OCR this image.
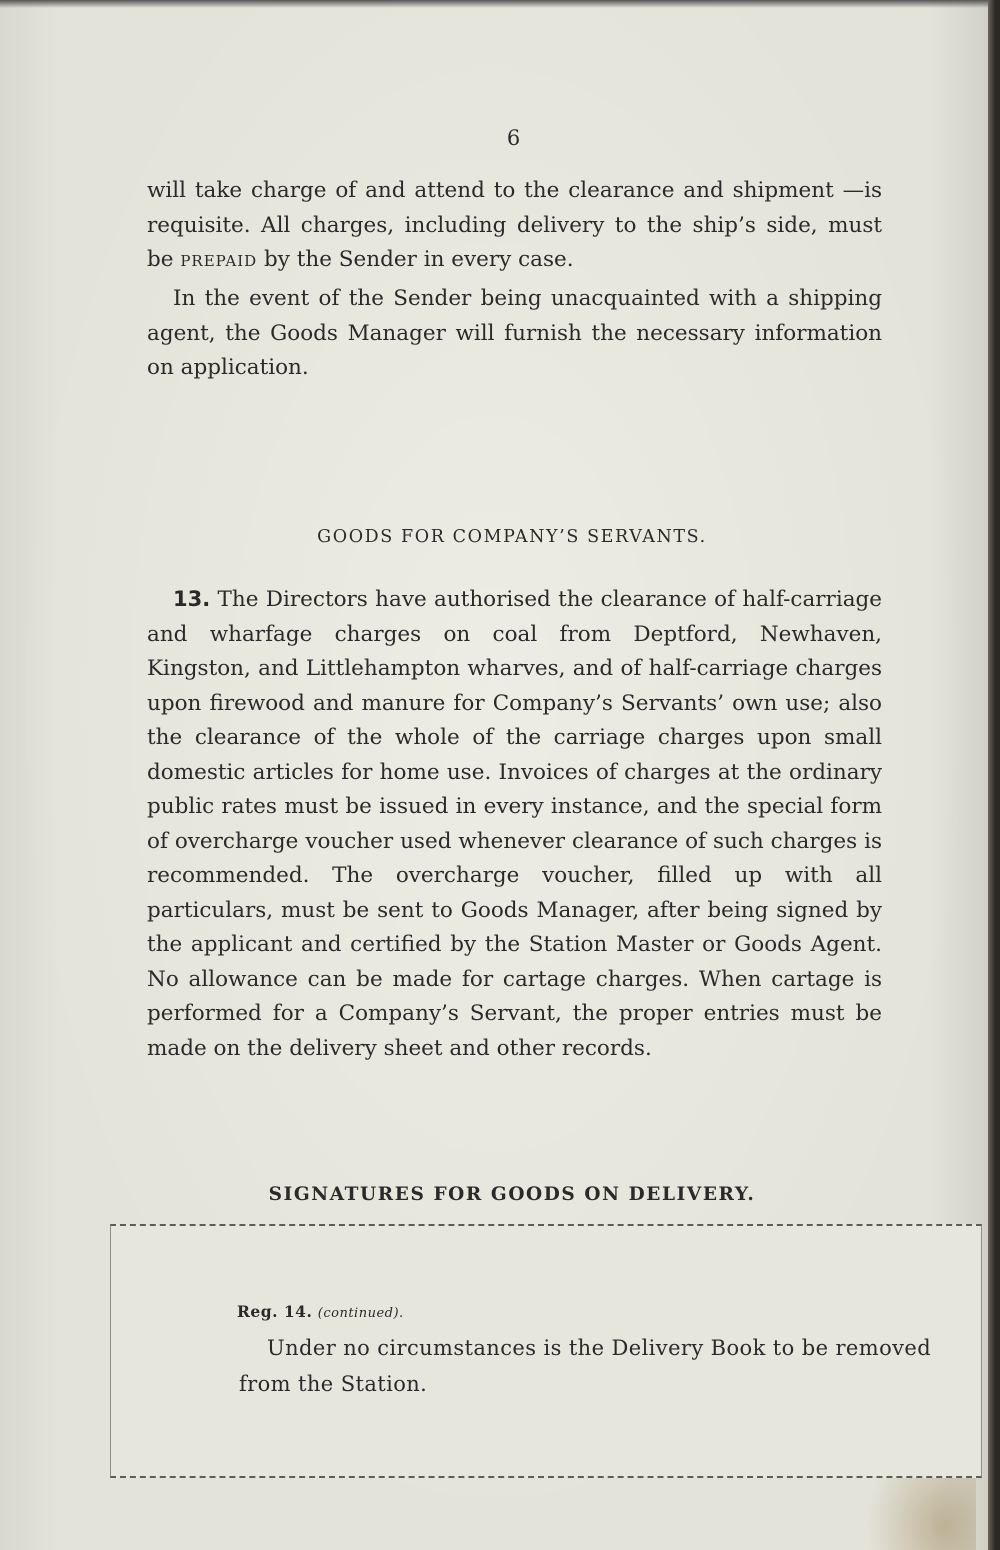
6

will take charge of and attend to the clearance and shipment —is requisite. All charges, including delivery to the ship’s side, must be prepaid by the Sender in every case.

In the event of the Sender being unacquainted with a shipping agent, the Goods Manager will furnish the necessary information on application.

GOODS FOR COMPANY’S SERVANTS.

13. The Directors have authorised the clearance of half-carriage and wharfage charges on coal from Deptford, Newhaven, Kingston, and Littlehampton wharves, and of half-carriage charges upon firewood and manure for Company’s Servants’ own use; also the clearance of the whole of the carriage charges upon small domestic articles for home use. Invoices of charges at the ordinary public rates must be issued in every instance, and the special form of overcharge voucher used whenever clearance of such charges is recommended. The overcharge voucher, filled up with all particulars, must be sent to Goods Manager, after being signed by the applicant and certified by the Station Master or Goods Agent. No allowance can be made for cartage charges. When cartage is performed for a Company’s Servant, the proper entries must be made on the delivery sheet and other records.

SIGNATURES FOR GOODS ON DELIVERY.
Reg. 14. (continued).

Under no circumstances is the Delivery Book to be removed from the Station.
